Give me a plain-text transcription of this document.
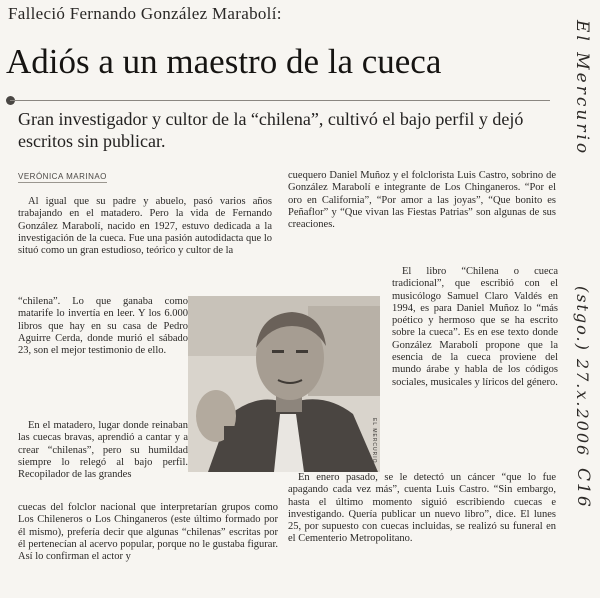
Falleció Fernando González Marabolí:
Adiós a un maestro de la cueca
Gran investigador y cultor de la “chilena”, cultivó el bajo perfil y dejó escritos sin publicar.
VERÓNICA MARINAO

Al igual que su padre y abuelo, pasó varios años trabajando en el matadero. Pero la vida de Fernando González Marabolí, nacido en 1927, estuvo dedicada a la investigación de la cueca. Fue una pasión autodidacta que lo situó como un gran estudioso, teórico y cultor de la

“chilena”. Lo que ganaba como matarife lo invertía en leer. Y los 6.000 libros que hay en su casa de Pedro Aguirre Cerda, donde murió el sábado 23, son el mejor testimonio de ello.

En el matadero, lugar donde reinaban las cuecas bravas, aprendió a cantar y a crear “chilenas”, pero su humildad siempre lo relegó al bajo perfil. Recopilador de las grandes

cuecas del folclor nacional que interpretarían grupos como Los Chileneros o Los Chinganeros (este último formado por él mismo), prefería decir que algunas “chilenas” escritas por él pertenecían al acervo popular, porque no le gustaba figurar. Así lo confirman el actor y

EL MERCURIO

cuequero Daniel Muñoz y el folclorista Luis Castro, sobrino de González Marabolí e integrante de Los Chinganeros. “Por el oro en California”, “Por amor a las joyas”, “Que bonito es Peñaflor” y “Que vivan las Fiestas Patrias” son algunas de sus creaciones.

El libro “Chilena o cueca tradicional”, que escribió con el musicólogo Samuel Claro Valdés en 1994, es para Daniel Muñoz lo “más poético y hermoso que se ha escrito sobre la cueca”. Es en ese texto donde González Marabolí propone que la esencia de la cueca proviene del mundo árabe y habla de los códigos sociales, musicales y líricos del género.

En enero pasado, se le detectó un cáncer “que lo fue apagando cada vez más”, cuenta Luis Castro. “Sin embargo, hasta el último momento siguió escribiendo cuecas e investigando. Quería publicar un nuevo libro”, dice. El lunes 25, por supuesto con cuecas incluidas, se realizó su funeral en el Cementerio Metropolitano.

El Mercurio
(stgo.) 27.x.2006
C16
